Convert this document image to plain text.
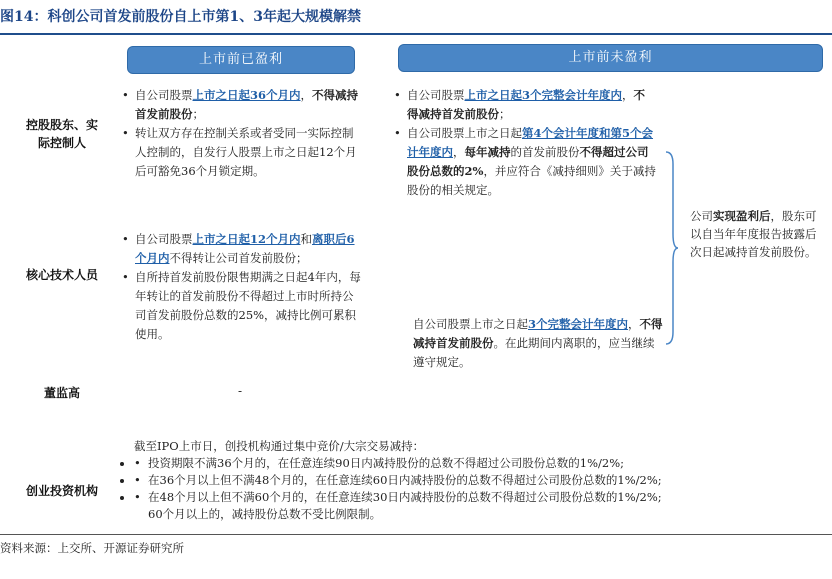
图14：科创公司首发前股份自上市第1、3年起大规模解禁
上市前已盈利	上市前未盈利
控股股东、实
际控制人
核心技术人员
董监高
创业投资机构
• 自公司股票上市之日起36个月内，不得减持首发前股份；
• 转让双方存在控制关系或者受同一实际控制人控制的，自发行人股票上市之日起12个月后可豁免36个月锁定期。
• 自公司股票上市之日起3个完整会计年度内，不得减持首发前股份；
• 自公司股票上市之日起第4个会计年度和第5个会计年度内，每年减持的首发前股份不得超过公司股份总数的2%，并应符合《减持细则》关于减持股份的相关规定。
公司实现盈利后，股东可以自当年年度报告披露后次日起减持首发前股份。
• 自公司股票上市之日起12个月内和离职后6个月内不得转让公司首发前股份；
• 自所持首发前股份限售期满之日起4年内，每年转让的首发前股份不得超过上市时所持公司首发前股份总数的25%，减持比例可累积使用。
自公司股票上市之日起3个完整会计年度内，不得减持首发前股份。在此期间内离职的，应当继续遵守规定。
-
截至IPO上市日，创投机构通过集中竞价/大宗交易减持：
• • 投资期限不满36个月的，在任意连续90日内减持股份的总数不得超过公司股份总数的1%/2%;
• • 在36个月以上但不满48个月的，在任意连续60日内减持股份的总数不得超过公司股份总数的1%/2%;
• • 在48个月以上但不满60个月的，在任意连续30日内减持股份的总数不得超过公司股份总数的1%/2%;
60个月以上的，减持股份总数不受比例限制。
资料来源：上交所、开源证券研究所
